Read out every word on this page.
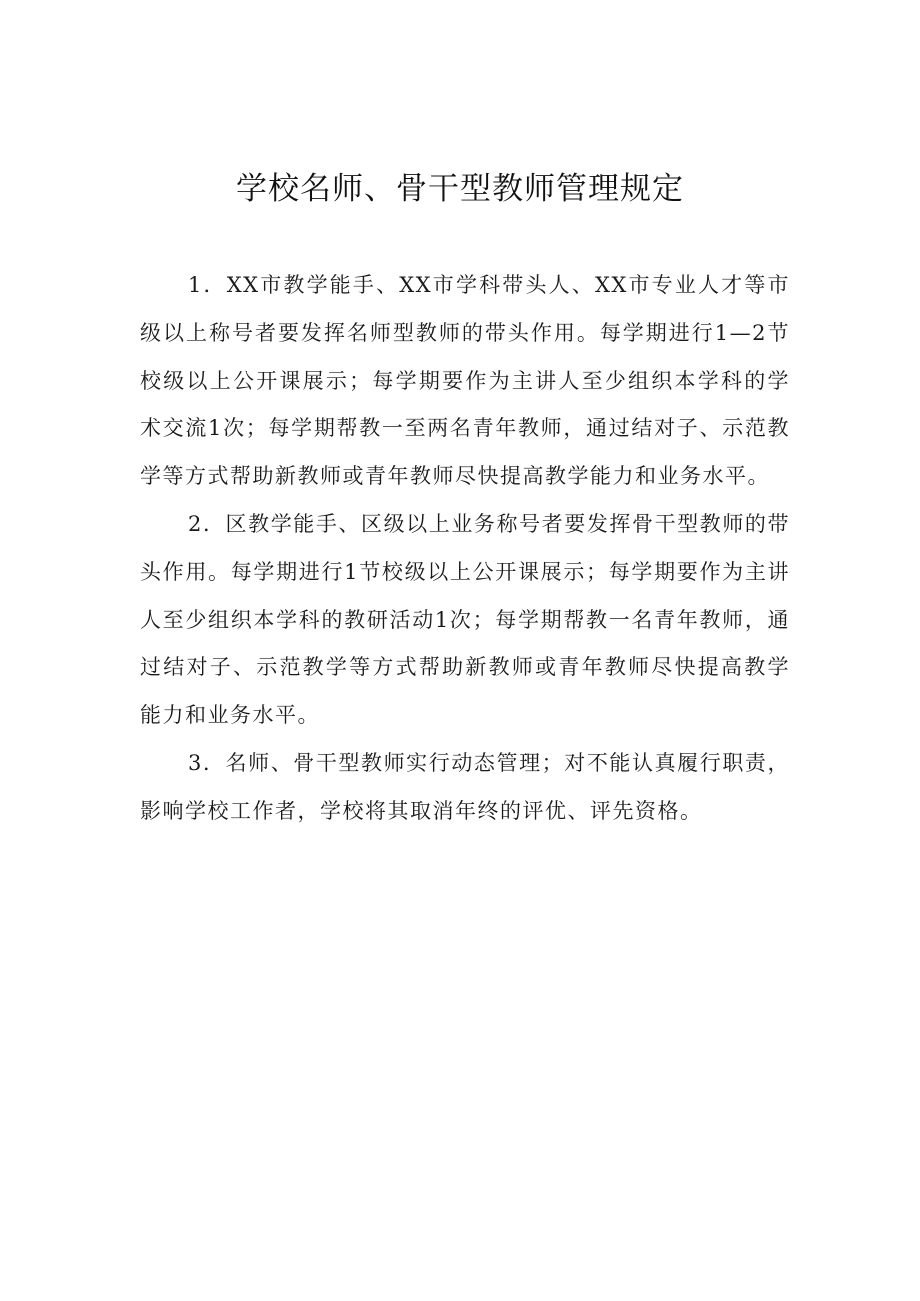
学校名师、骨干型教师管理规定

1．XX市教学能手、XX市学科带头人、XX市专业人才等市级以上称号者要发挥名师型教师的带头作用。每学期进行1—2节校级以上公开课展示；每学期要作为主讲人至少组织本学科的学术交流1次；每学期帮教一至两名青年教师，通过结对子、示范教学等方式帮助新教师或青年教师尽快提高教学能力和业务水平。

2．区教学能手、区级以上业务称号者要发挥骨干型教师的带头作用。每学期进行1节校级以上公开课展示；每学期要作为主讲人至少组织本学科的教研活动1次；每学期帮教一名青年教师，通过结对子、示范教学等方式帮助新教师或青年教师尽快提高教学能力和业务水平。

3．名师、骨干型教师实行动态管理；对不能认真履行职责，影响学校工作者，学校将其取消年终的评优、评先资格。
